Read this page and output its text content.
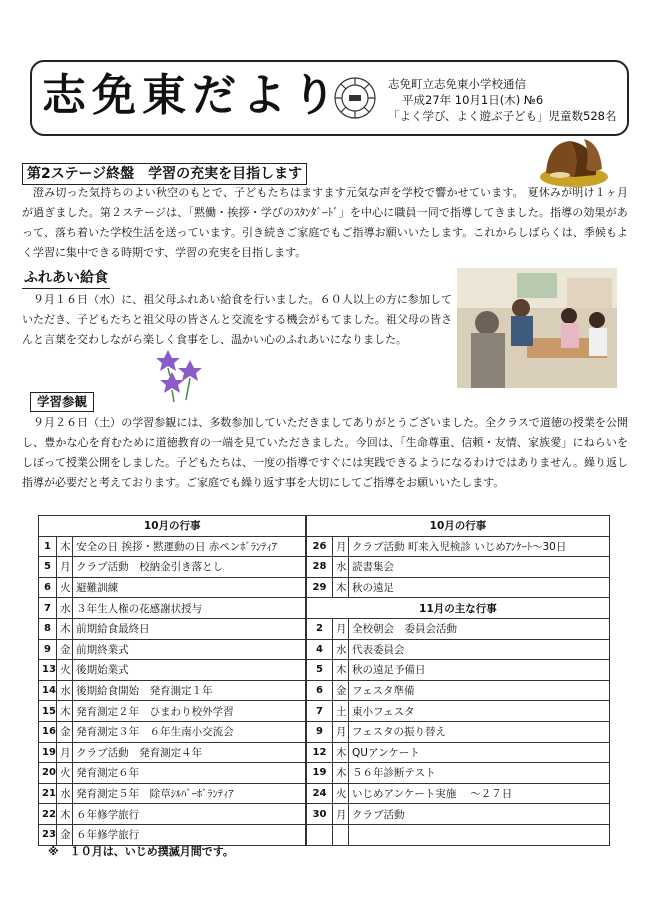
志免東だより	志免町立志免東小学校通信
平成27年 10月1日(木) №6
「よく学び、よく遊ぶ子ども」児童数528名
第2ステージ終盤　学習の充実を目指します
澄み切った気持ちのよい秋空のもとで、子どもたちはますます元気な声を学校で響かせています。 夏休みが明け１ヶ月が過ぎました。第２ステージは、「黙働・挨拶・学びのｽﾀﾝﾀﾞｰﾄﾞ」を中心に職員一同で指導してきました。指導の効果があって、落ち着いた学校生活を送っています。引き続きご家庭でもご指導お願いいたします。これからしばらくは、季候もよく学習に集中できる時期です、学習の充実を目指します。
ふれあい給食
９月１６日（水）に、祖父母ふれあい給食を行いました。６０人以上の方に参加していただき、子どもたちと祖父母の皆さんと交流をする機会がもてました。祖父母の皆さんと言葉を交わしながら楽しく食事をし、温かい心のふれあいになりました。
学習参観
９月２６日（土）の学習参観には、多数参加していただきましてありがとうございました。全クラスで道徳の授業を公開し、豊かな心を育むために道徳教育の一端を見ていただきました。今回は、「生命尊重、信頼・友情、家族愛」にねらいをしぼって授業公開をしました。子どもたちは、一度の指導ですぐには実践できるようになるわけではありません。繰り返し指導が必要だと考えております。ご家庭でも繰り返す事を大切にしてご指導をお願いいたします。
10月の行事			10月の行事		
1	木	安全の日 挨拶・黙運動の日 赤ペンﾎﾞﾗﾝﾃｨｱ		26	月	クラブ活動 町来入児検診 いじめｱﾝｹｰﾄ～30日
5	月	クラブ活動　校納金引き落とし		28	水	読書集会
6	火	避難訓練		29	木	秋の遠足
7	水	３年生人権の花感謝状授与		11月の主な行事		
8	木	前期給食最終日		2	月	全校朝会　委員会活動
9	金	前期終業式		4	水	代表委員会
13	火	後期始業式		5	木	秋の遠足予備日
14	水	後期給食開始　発育測定１年		6	金	フェスタ準備
15	木	発育測定２年　ひまわり校外学習		7	土	東小フェスタ
16	金	発育測定３年　６年生南小交流会		9	月	フェスタの振り替え
19	月	クラブ活動　発育測定４年		12	木	QUアンケート
20	火	発育測定６年		19	木	５６年診断テスト
21	水	発育測定５年　除草ｼﾙﾊﾞｰﾎﾞﾗﾝﾃｨｱ		24	火	いじめアンケート実施　 ～２７日
22	木	６年修学旅行		30	月	クラブ活動
23	金	６年修学旅行				
※　１０月は、いじめ撲滅月間です。
